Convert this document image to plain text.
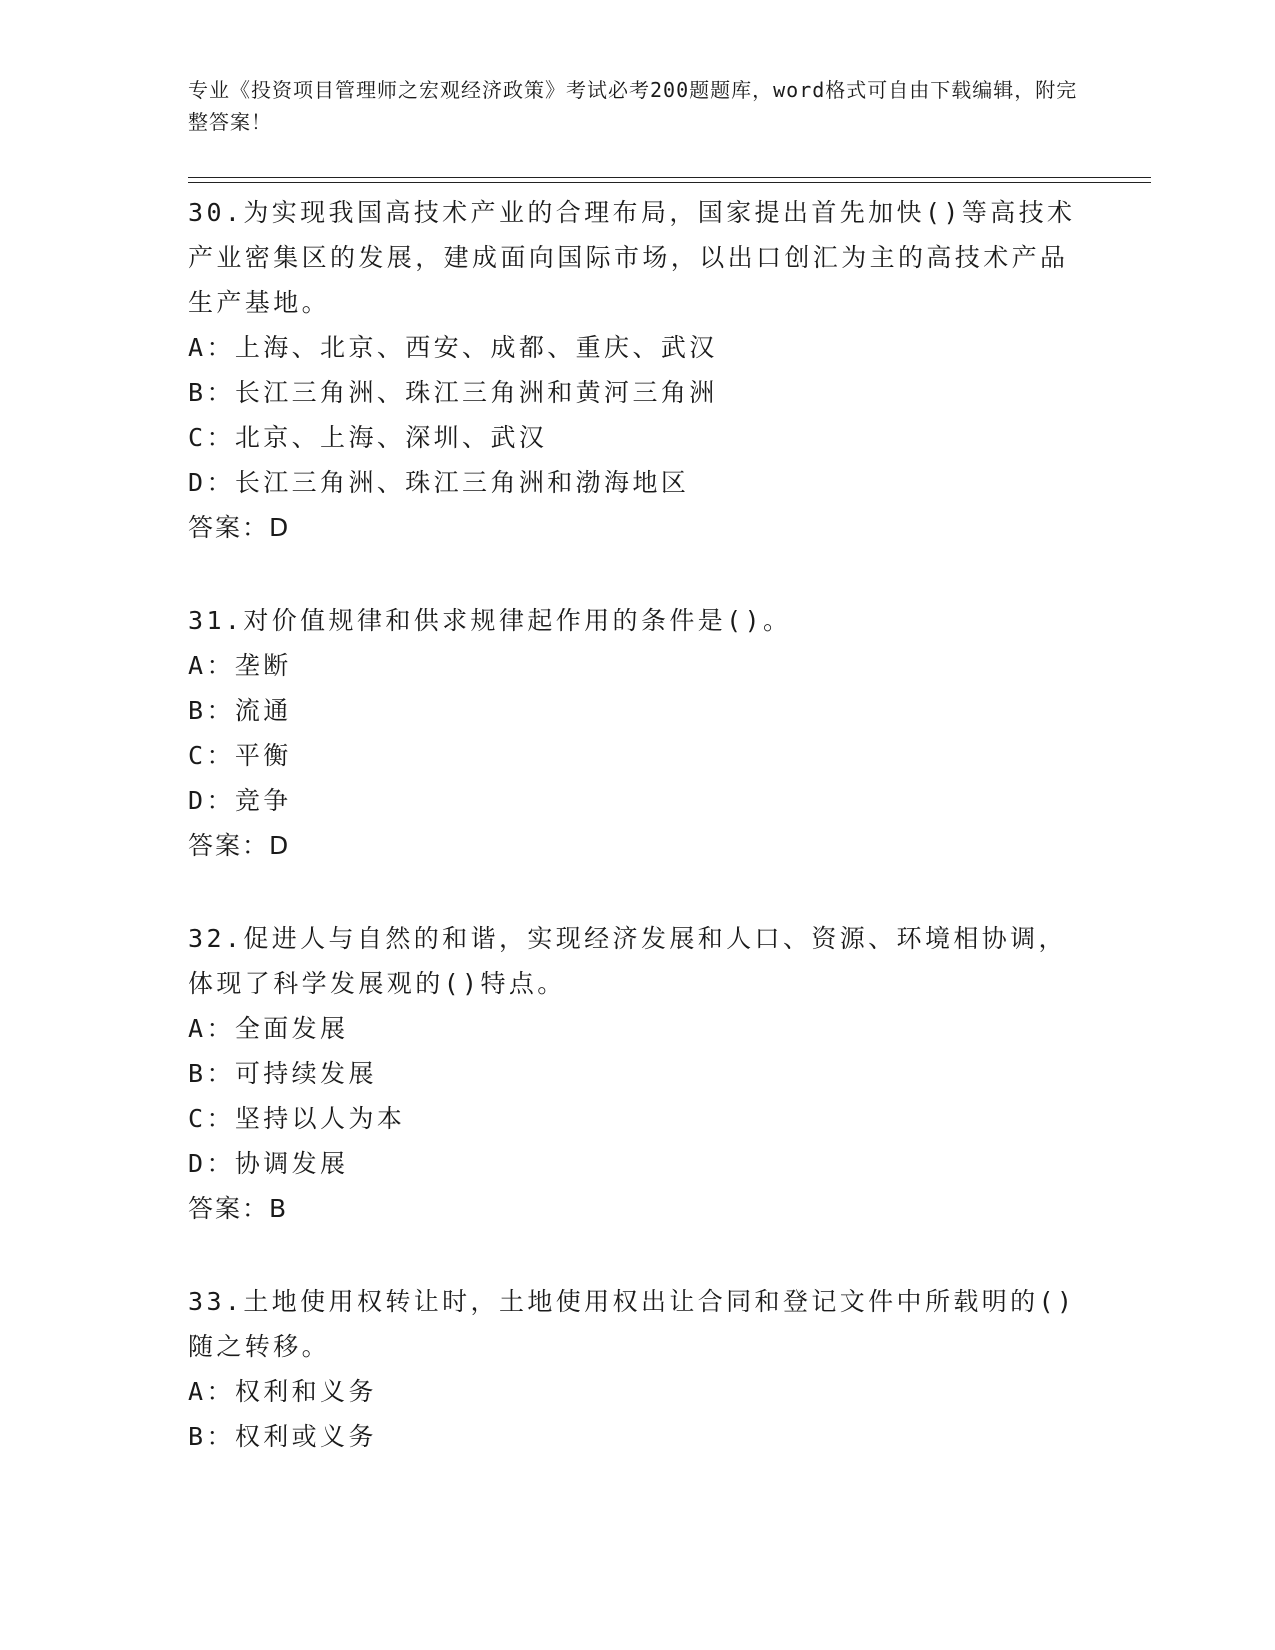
专业《投资项目管理师之宏观经济政策》考试必考200题题库，word格式可自由下载编辑，附完整答案！
30.为实现我国高技术产业的合理布局，国家提出首先加快()等高技术产业密集区的发展，建成面向国际市场，以出口创汇为主的高技术产品生产基地。
A：上海、北京、西安、成都、重庆、武汉
B：长江三角洲、珠江三角洲和黄河三角洲
C：北京、上海、深圳、武汉
D：长江三角洲、珠江三角洲和渤海地区
答案：D
31.对价值规律和供求规律起作用的条件是()。
A：垄断
B：流通
C：平衡
D：竞争
答案：D
32.促进人与自然的和谐，实现经济发展和人口、资源、环境相协调，体现了科学发展观的()特点。
A：全面发展
B：可持续发展
C：坚持以人为本
D：协调发展
答案：B
33.土地使用权转让时，土地使用权出让合同和登记文件中所载明的()随之转移。
A：权利和义务
B：权利或义务
